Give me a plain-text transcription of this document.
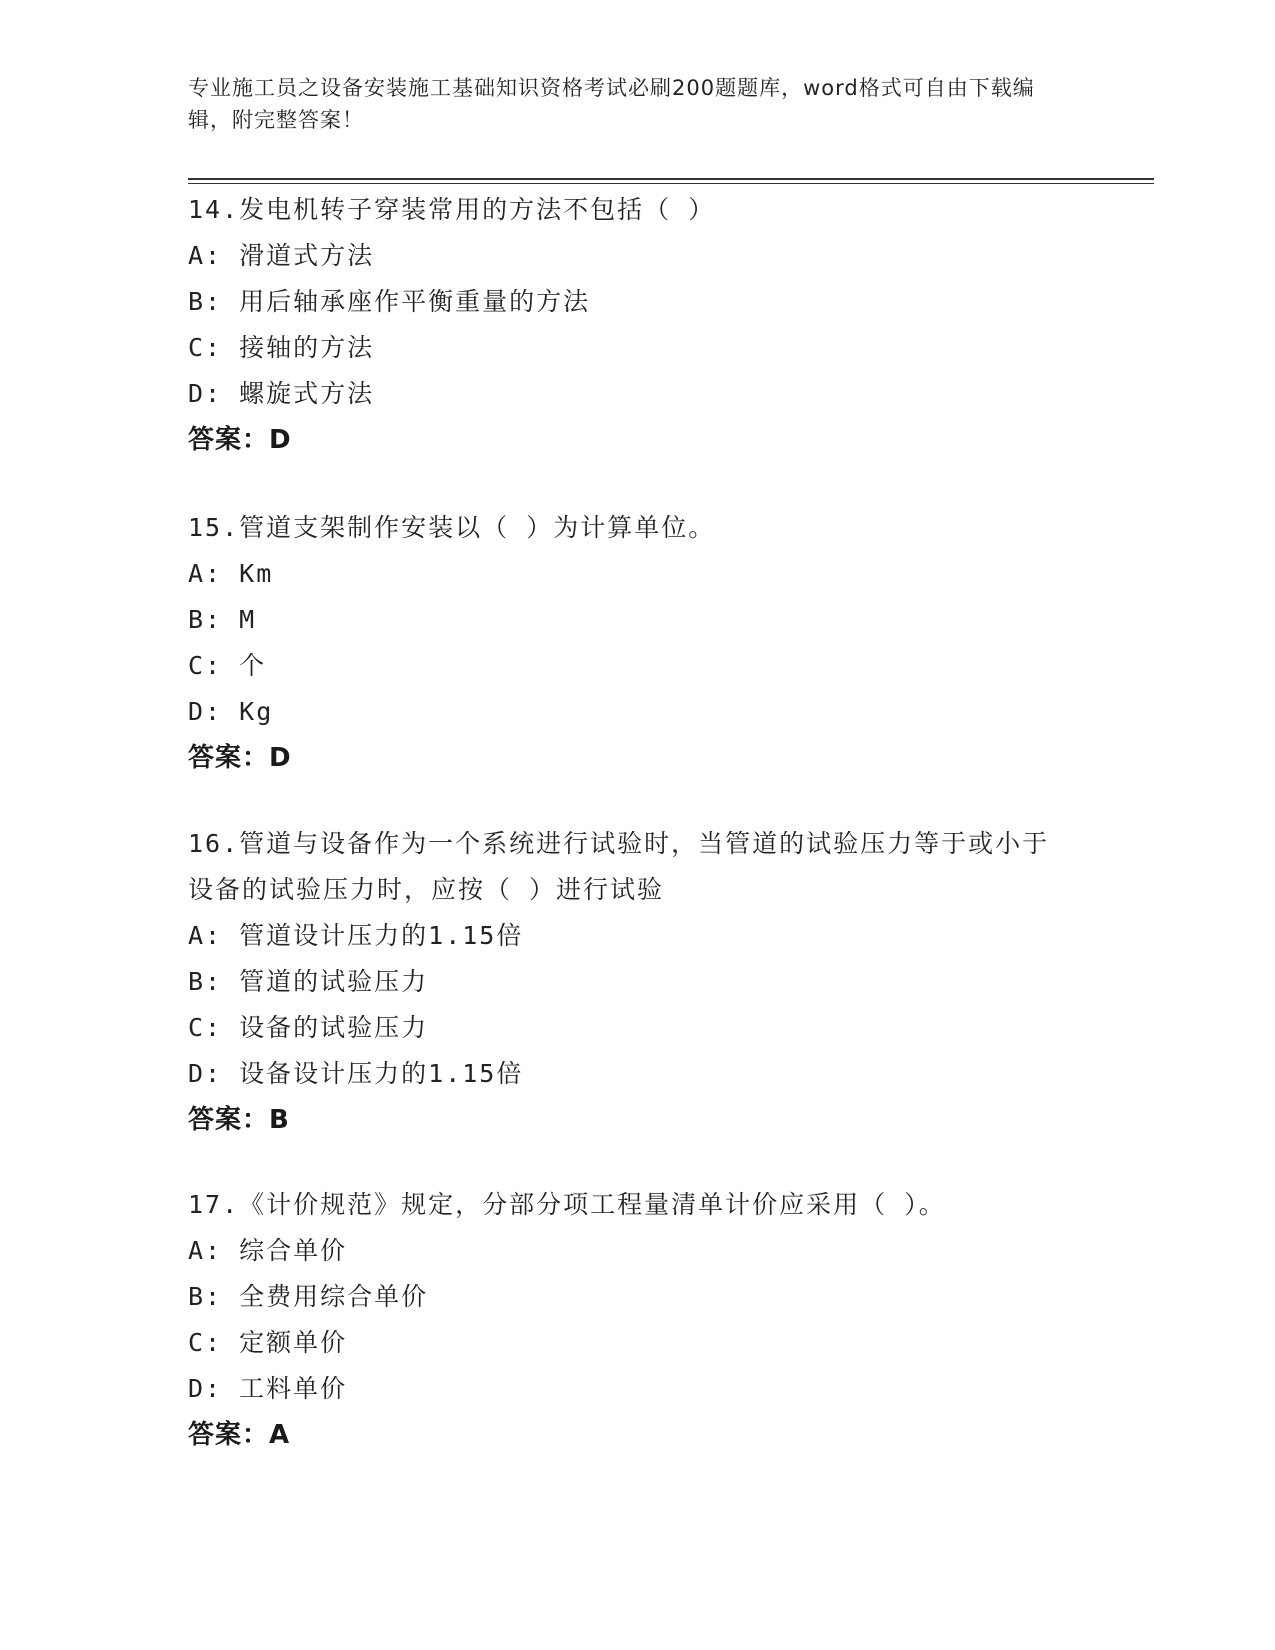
专业施工员之设备安装施工基础知识资格考试必刷200题题库，word格式可自由下载编辑，附完整答案！
14.发电机转子穿装常用的方法不包括（ ）
A: 滑道式方法
B: 用后轴承座作平衡重量的方法
C: 接轴的方法
D: 螺旋式方法
答案：D
15.管道支架制作安装以（ ）为计算单位。
A: Km
B: M
C: 个
D: Kg
答案：D
16.管道与设备作为一个系统进行试验时，当管道的试验压力等于或小于设备的试验压力时，应按（ ）进行试验
A: 管道设计压力的1.15倍
B: 管道的试验压力
C: 设备的试验压力
D: 设备设计压力的1.15倍
答案：B
17.《计价规范》规定，分部分项工程量清单计价应采用（ ）。
A: 综合单价
B: 全费用综合单价
C: 定额单价
D: 工料单价
答案：A
